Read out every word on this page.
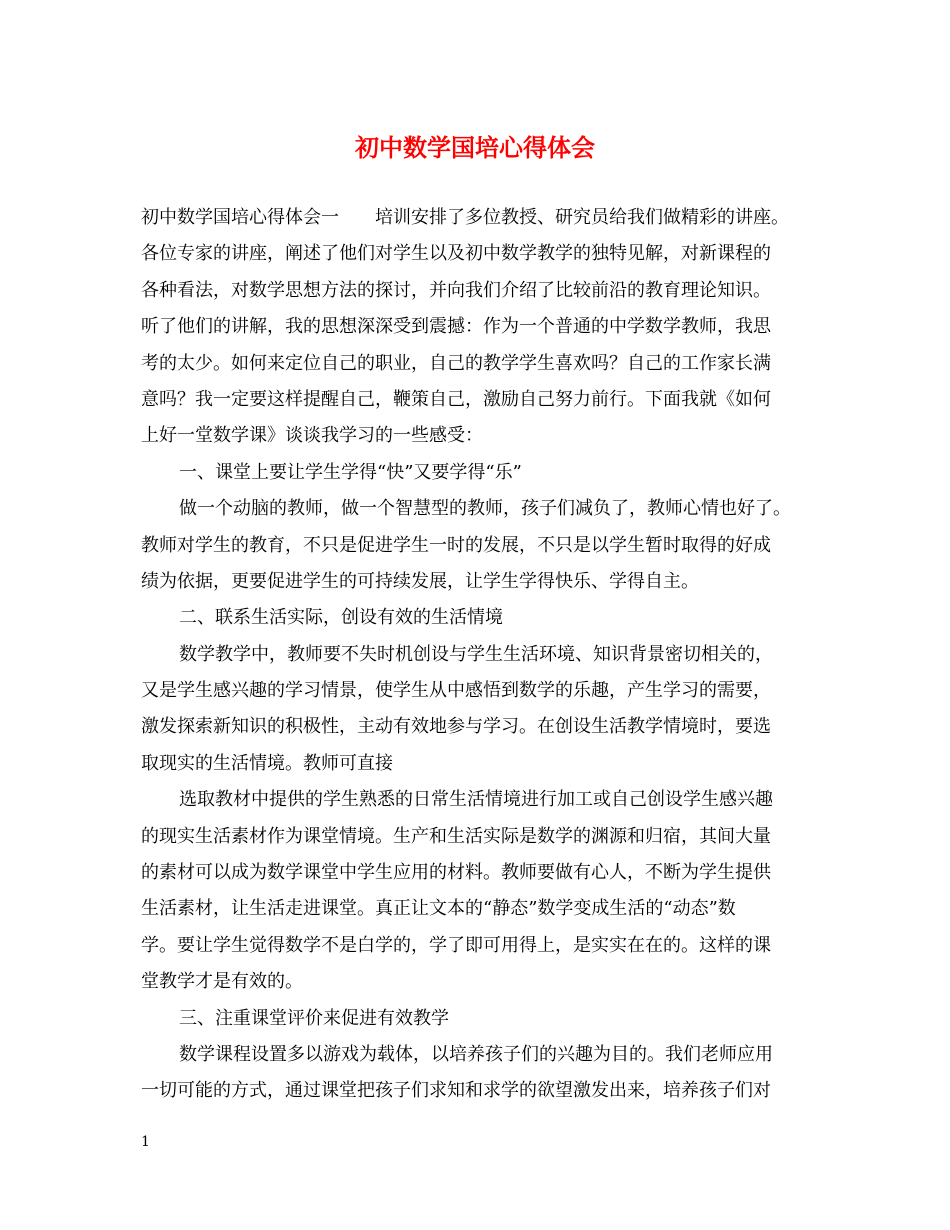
初中数学国培心得体会
初中数学国培心得体会一　　培训安排了多位教授、研究员给我们做精彩的讲座。
各位专家的讲座，阐述了他们对学生以及初中数学教学的独特见解，对新课程的
各种看法，对数学思想方法的探讨，并向我们介绍了比较前沿的教育理论知识。
听了他们的讲解，我的思想深深受到震撼：作为一个普通的中学数学教师，我思
考的太少。如何来定位自己的职业，自己的教学学生喜欢吗？自己的工作家长满
意吗？我一定要这样提醒自己，鞭策自己，激励自己努力前行。下面我就《如何
上好一堂数学课》谈谈我学习的一些感受：
一、课堂上要让学生学得“快”又要学得“乐”
做一个动脑的教师，做一个智慧型的教师，孩子们减负了，教师心情也好了。
教师对学生的教育，不只是促进学生一时的发展，不只是以学生暂时取得的好成
绩为依据，更要促进学生的可持续发展，让学生学得快乐、学得自主。
二、联系生活实际，创设有效的生活情境
数学教学中，教师要不失时机创设与学生生活环境、知识背景密切相关的，
又是学生感兴趣的学习情景，使学生从中感悟到数学的乐趣，产生学习的需要，
激发探索新知识的积极性，主动有效地参与学习。在创设生活教学情境时，要选
取现实的生活情境。教师可直接
选取教材中提供的学生熟悉的日常生活情境进行加工或自己创设学生感兴趣
的现实生活素材作为课堂情境。生产和生活实际是数学的渊源和归宿，其间大量
的素材可以成为数学课堂中学生应用的材料。教师要做有心人，不断为学生提供
生活素材，让生活走进课堂。真正让文本的“静态”数学变成生活的“动态”数
学。要让学生觉得数学不是白学的，学了即可用得上，是实实在在的。这样的课
堂教学才是有效的。
三、注重课堂评价来促进有效教学
数学课程设置多以游戏为载体，以培养孩子们的兴趣为目的。我们老师应用
一切可能的方式，通过课堂把孩子们求知和求学的欲望激发出来，培养孩子们对
1
